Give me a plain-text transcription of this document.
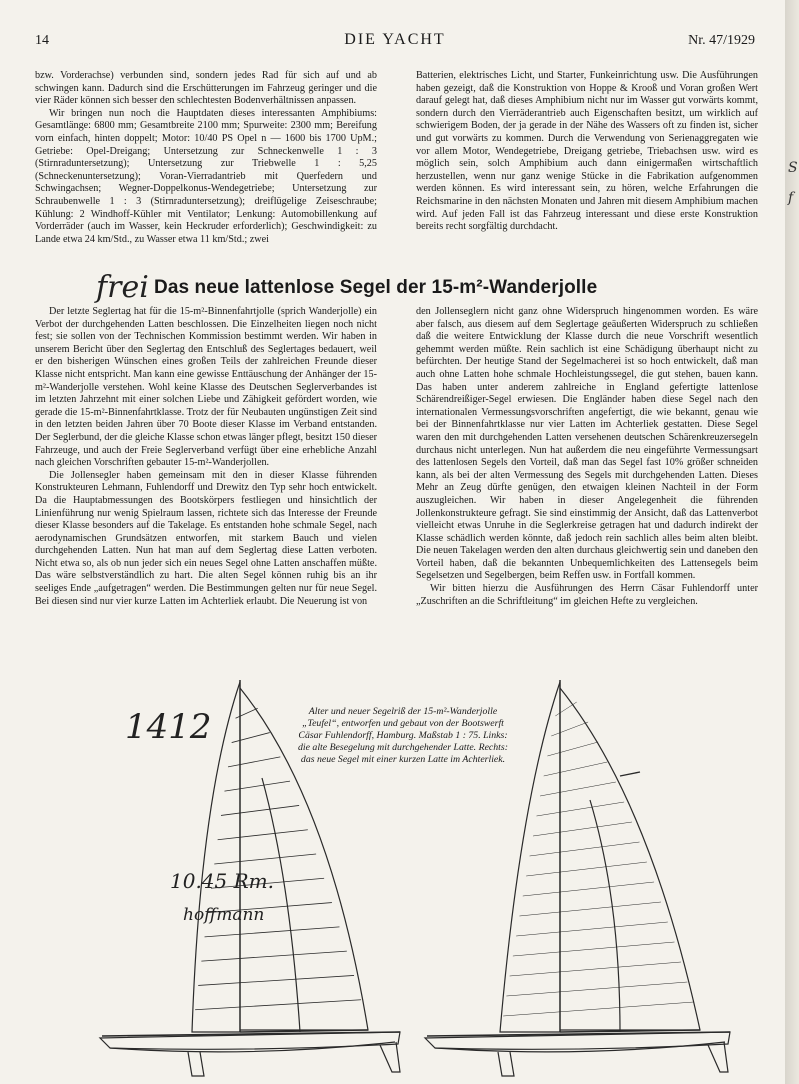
S
f
14	DIE YACHT	Nr. 47/1929

bzw. Vorderachse) verbunden sind, sondern jedes Rad für sich auf und ab schwingen kann. Dadurch sind die Erschütterungen im Fahrzeug geringer und die vier Räder können sich besser den schlechtesten Bodenverhältnissen anpassen.

Wir bringen nun noch die Hauptdaten dieses interessanten Amphibiums: Gesamtlänge: 6800 mm; Gesamtbreite 2100 mm; Spurweite: 2300 mm; Bereifung vorn einfach, hinten doppelt; Motor: 10/40 PS Opel n — 1600 bis 1700 UpM.; Getriebe: Opel-Dreigang; Untersetzung zur Schneckenwelle 1 : 3 (Stirnraduntersetzung); Untersetzung zur Triebwelle 1 : 5,25 (Schneckenuntersetzung); Voran-Vierradantrieb mit Querfedern und Schwingachsen; Wegner-Doppelkonus-Wendegetriebe; Untersetzung zur Schraubenwelle 1 : 3 (Stirnraduntersetzung); dreiflügelige Zeiseschraube; Kühlung: 2 Windhoff-Kühler mit Ventilator; Lenkung: Automobillenkung auf Vorderräder (auch im Wasser, kein Heckruder erforderlich); Geschwindigkeit: zu Lande etwa 24 km/Std., zu Wasser etwa 11 km/Std.; zwei

Batterien, elektrisches Licht, und Starter, Funkeinrichtung usw. Die Ausführungen haben gezeigt, daß die Konstruktion von Hoppe & Krooß und Voran großen Wert darauf gelegt hat, daß dieses Amphibium nicht nur im Wasser gut vorwärts kommt, sondern durch den Vierräderantrieb auch Eigenschaften besitzt, um wirklich auf schwierigem Boden, der ja gerade in der Nähe des Wassers oft zu finden ist, sicher und gut vorwärts zu kommen. Durch die Verwendung von Serienaggregaten wie vor allem Motor, Wendegetriebe, Dreigang getriebe, Triebachsen usw. wird es möglich sein, solch Amphibium auch dann einigermaßen wirtschaftlich herzustellen, wenn nur ganz wenige Stücke in die Fabrikation aufgenommen werden können. Es wird interessant sein, zu hören, welche Erfahrungen die Reichsmarine in den nächsten Monaten und Jahren mit diesem Amphibium machen wird. Auf jeden Fall ist das Fahrzeug interessant und diese erste Konstruktion bereits recht sorgfältig durchdacht.

frei Das neue lattenlose Segel der 15-m²-Wanderjolle

Der letzte Seglertag hat für die 15-m²-Binnenfahrtjolle (sprich Wanderjolle) ein Verbot der durchgehenden Latten beschlossen. Die Einzelheiten liegen noch nicht fest; sie sollen von der Technischen Kommission bestimmt werden. Wir haben in unserem Bericht über den Seglertag den Entschluß des Seglertages bedauert, weil er den bisherigen Wünschen eines großen Teils der zahlreichen Freunde dieser Klasse nicht entspricht. Man kann eine gewisse Enttäuschung der Anhänger der 15-m²-Wanderjolle verstehen. Wohl keine Klasse des Deutschen Seglerverbandes ist im letzten Jahrzehnt mit einer solchen Liebe und Zähigkeit gefördert worden, wie gerade die 15-m²-Binnenfahrtklasse. Trotz der für Neubauten ungünstigen Zeit sind in den letzten beiden Jahren über 70 Boote dieser Klasse im Verband entstanden. Der Seglerbund, der die gleiche Klasse schon etwas länger pflegt, besitzt 150 dieser Fahrzeuge, und auch der Freie Seglerverband verfügt über eine erhebliche Anzahl nach gleichen Vorschriften gebauter 15-m²-Wanderjollen.

Die Jollensegler haben gemeinsam mit den in dieser Klasse führenden Konstrukteuren Lehmann, Fuhlendorff und Drewitz den Typ sehr hoch entwickelt. Da die Hauptabmessungen des Bootskörpers festliegen und hinsichtlich der Linienführung nur wenig Spielraum lassen, richtete sich das Interesse der Freunde dieser Klasse besonders auf die Takelage. Es entstanden hohe schmale Segel, nach aerodynamischen Grundsätzen entworfen, mit starkem Bauch und vielen durchgehenden Latten. Nun hat man auf dem Seglertag diese Latten verboten. Nicht etwa so, als ob nun jeder sich ein neues Segel ohne Latten anschaffen müßte. Das wäre selbstverständlich zu hart. Die alten Segel können ruhig bis an ihr seeliges Ende „aufgetragen“ werden. Die Bestimmungen gelten nur für neue Segel. Bei diesen sind nur vier kurze Latten im Achterliek erlaubt. Die Neuerung ist von

den Jollenseglern nicht ganz ohne Widerspruch hingenommen worden. Es wäre aber falsch, aus diesem auf dem Seglertage geäußerten Widerspruch zu schließen daß die weitere Entwicklung der Klasse durch die neue Vorschrift wesentlich gehemmt werden müßte. Rein sachlich ist eine Schädigung überhaupt nicht zu befürchten. Der heutige Stand der Segelmacherei ist so hoch entwickelt, daß man auch ohne Latten hohe schmale Hochleistungssegel, die gut stehen, bauen kann. Das haben unter anderem zahlreiche in England gefertigte lattenlose Schärendreißiger-Segel erwiesen. Die Engländer haben diese Segel nach den internationalen Vermessungsvorschriften angefertigt, die wie bekannt, genau wie bei der Binnenfahrtklasse nur vier Latten im Achterliek gestatten. Diese Segel waren den mit durchgehenden Latten versehenen deutschen Schärenkreuzersegeln durchaus nicht unterlegen. Nun hat außerdem die neu eingeführte Vermessungsart des lattenlosen Segels den Vorteil, daß man das Segel fast 10% größer schneiden kann, als bei der alten Vermessung des Segels mit durchgehenden Latten. Dieses Mehr an Zeug dürfte genügen, den etwaigen kleinen Nachteil in der Form auszugleichen. Wir haben in dieser Angelegenheit die führenden Jollenkonstrukteure gefragt. Sie sind einstimmig der Ansicht, daß das Lattenverbot vielleicht etwas Unruhe in die Seglerkreise getragen hat und dadurch indirekt der Klasse schädlich werden könnte, daß jedoch rein sachlich alles beim alten bleibt. Die neuen Takelagen werden den alten durchaus gleichwertig sein und daneben den Vorteil haben, daß die bekannten Unbequemlichkeiten des Lattensegels beim Segelsetzen und Segelbergen, beim Reffen usw. in Fortfall kommen.

Wir bitten hierzu die Ausführungen des Herrn Cäsar Fuhlendorff unter „Zuschriften an die Schriftleitung“ im gleichen Hefte zu vergleichen.

Alter und neuer Segelriß der 15-m²-Wanderjolle „Teufel“, entworfen und gebaut von der Bootswerft Cäsar Fuhlendorff, Hamburg. Maßstab 1 : 75. Links: die alte Besegelung mit durchgehender Latte. Rechts: das neue Segel mit einer kurzen Latte im Achterliek.
1412
10.45 Rm.
hoffmann
